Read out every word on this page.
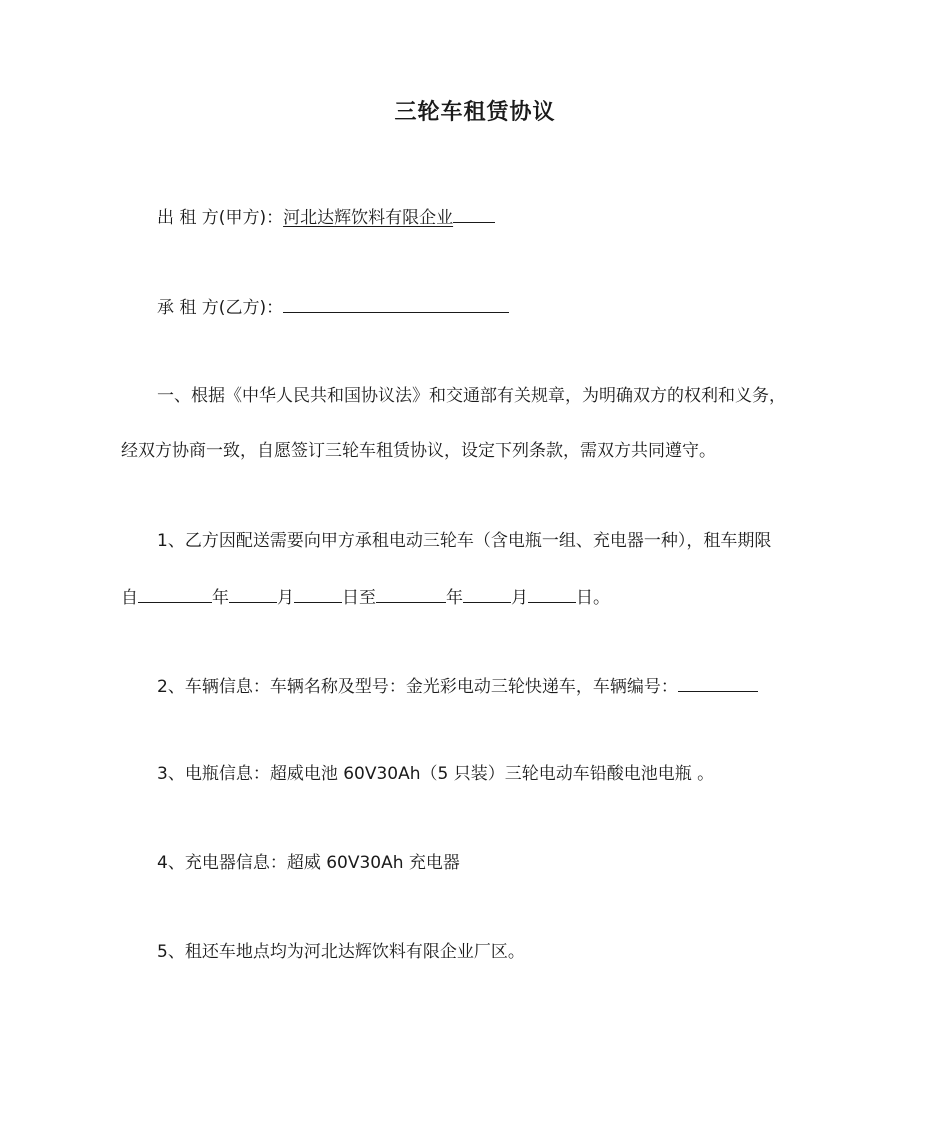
三轮车租赁协议
出 租 方(甲方)：河北达辉饮料有限企业
承 租 方(乙方)：
一、根据《中华人民共和国协议法》和交通部有关规章，为明确双方的权利和义务，
经双方协商一致，自愿签订三轮车租赁协议，设定下列条款，需双方共同遵守。
1、乙方因配送需要向甲方承租电动三轮车（含电瓶一组、充电器一种），租车期限
自	年	月	日至	年	月	日。
2、车辆信息：车辆名称及型号：金光彩电动三轮快递车，车辆编号：
3、电瓶信息：超威电池 60V30Ah（5 只装）三轮电动车铅酸电池电瓶 。
4、充电器信息：超威 60V30Ah 充电器
5、租还车地点均为河北达辉饮料有限企业厂区。
